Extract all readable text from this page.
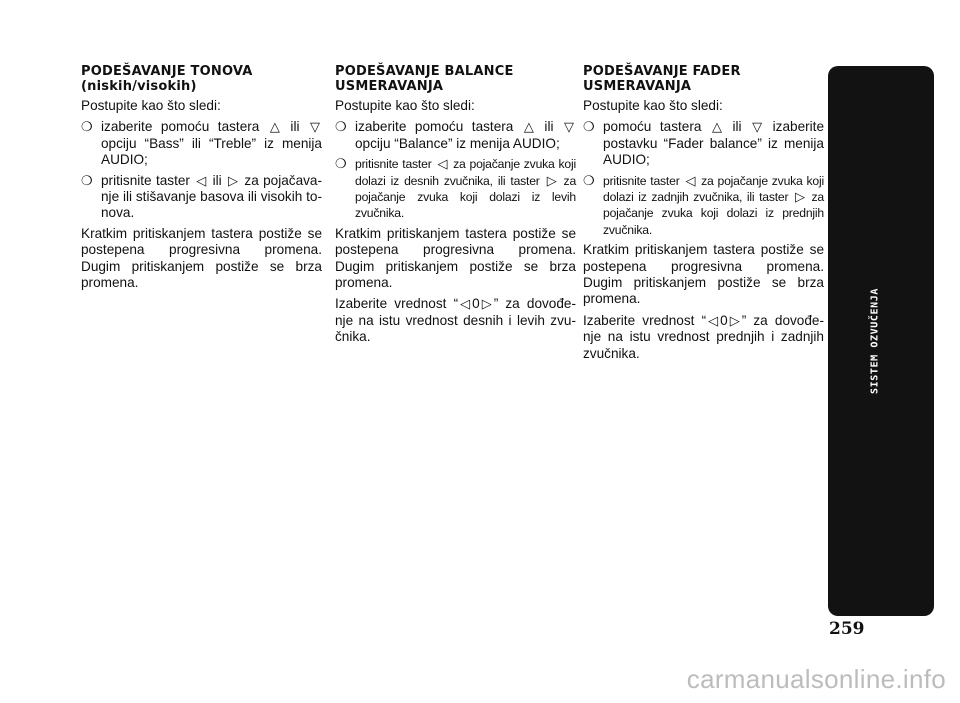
PODEŠAVANJE TONOVA (niskih/visokih)

Postupite kao što sledi:

❍ izaberite pomoću tastera △ ili ▽ opciju “Bass” ili “Treble” iz menija AUDIO;
❍ pritisnite taster ◁ ili ▷ za pojačava-nje ili stišavanje basova ili visokih to-nova.

Kratkim pritiskanjem tastera postiže se postepena progresivna promena. Dugim pritiskanjem postiže se brza promena.

PODEŠAVANJE BALANCE USMERAVANJA

Postupite kao što sledi:

❍ izaberite pomoću tastera △ ili ▽ opciju “Balance” iz menija AUDIO;
❍ pritisnite taster ◁ za pojačanje zvuka koji dolazi iz desnih zvučnika, ili taster ▷ za pojačanje zvuka koji dolazi iz levih zvučnika.

Kratkim pritiskanjem tastera postiže se postepena progresivna promena. Dugim pritiskanjem postiže se brza promena.

Izaberite vrednost “ ◁ 0 ▷ ” za dovođe-nje na istu vrednost desnih i levih zvu-čnika.

PODEŠAVANJE FADER USMERAVANJA

Postupite kao što sledi:

❍ pomoću tastera △ ili ▽ izaberite postavku “Fader balance” iz menija AUDIO;
❍ pritisnite taster ◁ za pojačanje zvuka koji dolazi iz zadnjih zvučnika, ili taster ▷ za pojačanje zvuka koji dolazi iz prednjih zvučnika.

Kratkim pritiskanjem tastera postiže se postepena progresivna promena. Dugim pritiskanjem postiže se brza promena.

Izaberite vrednost “ ◁ 0 ▷ ” za dovođe-nje na istu vrednost prednjih i zadnjih zvučnika.	SISTEM OZVUČENJA
259
carmanualsonline.info
